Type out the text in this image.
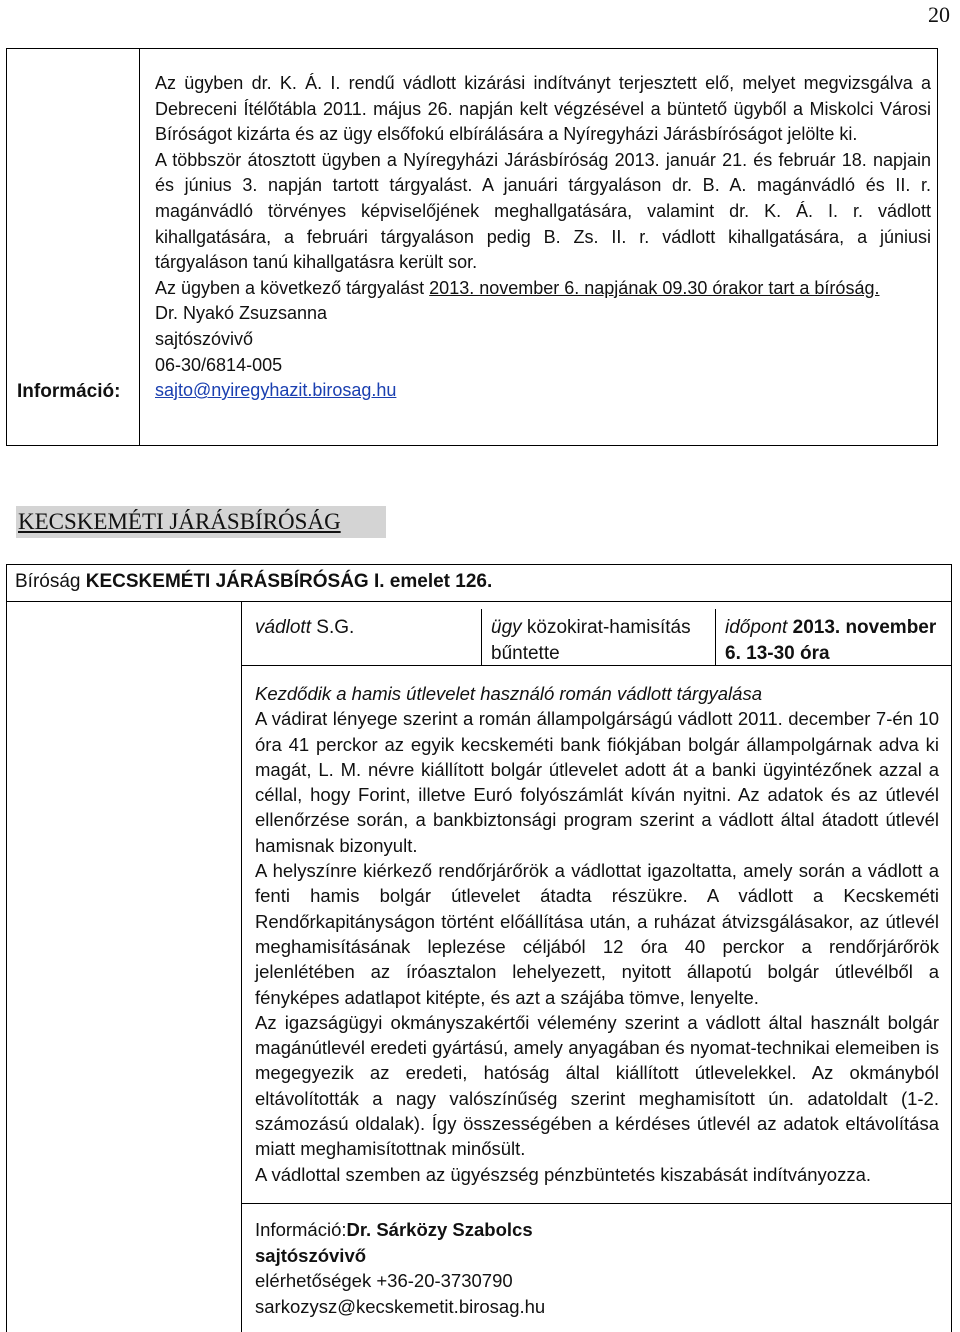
20
Információ:

Az ügyben dr. K. Á. I. rendű vádlott kizárási indítványt terjesztett elő, melyet megvizsgálva a Debreceni Ítélőtábla 2011. május 26. napján kelt végzésével a büntető ügyből a Miskolci Városi Bíróságot kizárta és az ügy elsőfokú elbírálására a Nyíregyházi Járásbíróságot jelölte ki.

A többször átosztott ügyben a Nyíregyházi Járásbíróság 2013. január 21. és február 18. napjain és június 3. napján tartott tárgyalást. A januári tárgyaláson dr. B. A. magánvádló és II. r. magánvádló törvényes képviselőjének meghallgatására, valamint dr. K. Á. I. r. vádlott kihallgatására, a februári tárgyaláson pedig B. Zs. II. r. vádlott kihallgatására, a júniusi tárgyaláson tanú kihallgatásra került sor.

Az ügyben a következő tárgyalást 2013. november 6. napjának 09.30 órakor tart a bíróság.

Dr. Nyakó Zsuzsanna

sajtószóvivő

06-30/6814-005

sajto@nyiregyhazit.birosag.hu

KECSKEMÉTI JÁRÁSBÍRÓSÁG
Bíróság KECSKEMÉTI JÁRÁSBÍRÓSÁG I. emelet 126.
vádlott S.G.	ügy közokirat-hamisítás bűntette
időpont 2013. november 6. 13-30 óra

Kezdődik a hamis útlevelet használó román vádlott tárgyalása

A vádirat lényege szerint a román állampolgárságú vádlott 2011. december 7-én 10 óra 41 perckor az egyik kecskeméti bank fiókjában bolgár állampolgárnak adva ki magát, L. M. névre kiállított bolgár útlevelet adott át a banki ügyintézőnek azzal a céllal, hogy Forint, illetve Euró folyószámlát kíván nyitni. Az adatok és az útlevél ellenőrzése során, a bankbiztonsági program szerint a vádlott által átadott útlevél hamisnak bizonyult.

A helyszínre kiérkező rendőrjárőrök a vádlottat igazoltatta, amely során a vádlott a fenti hamis bolgár útlevelet átadta részükre. A vádlott a Kecskeméti Rendőrkapitányságon történt előállítása után, a ruházat átvizsgálásakor, az útlevél meghamisításának leplezése céljából 12 óra 40 perckor a rendőrjárőrök jelenlétében az íróasztalon lehelyezett, nyitott állapotú bolgár útlevélből a fényképes adatlapot kitépte, és azt a szájába tömve, lenyelte.

Az igazságügyi okmányszakértői vélemény szerint a vádlott által használt bolgár magánútlevél eredeti gyártású, amely anyagában és nyomat-technikai elemeiben is megegyezik az eredeti, hatóság által kiállított útlevelekkel. Az okmányból eltávolították a nagy valószínűség szerint meghamisított ún. adatoldalt (1-2. számozású oldalak). Így összességében a kérdéses útlevél az adatok eltávolítása miatt meghamisítottnak minősült.

A vádlottal szemben az ügyészség pénzbüntetés kiszabását indítványozza.

Információ:Dr. Sárközy Szabolcs

sajtószóvivő

elérhetőségek +36-20-3730790

sarkozysz@kecskemetit.birosag.hu
